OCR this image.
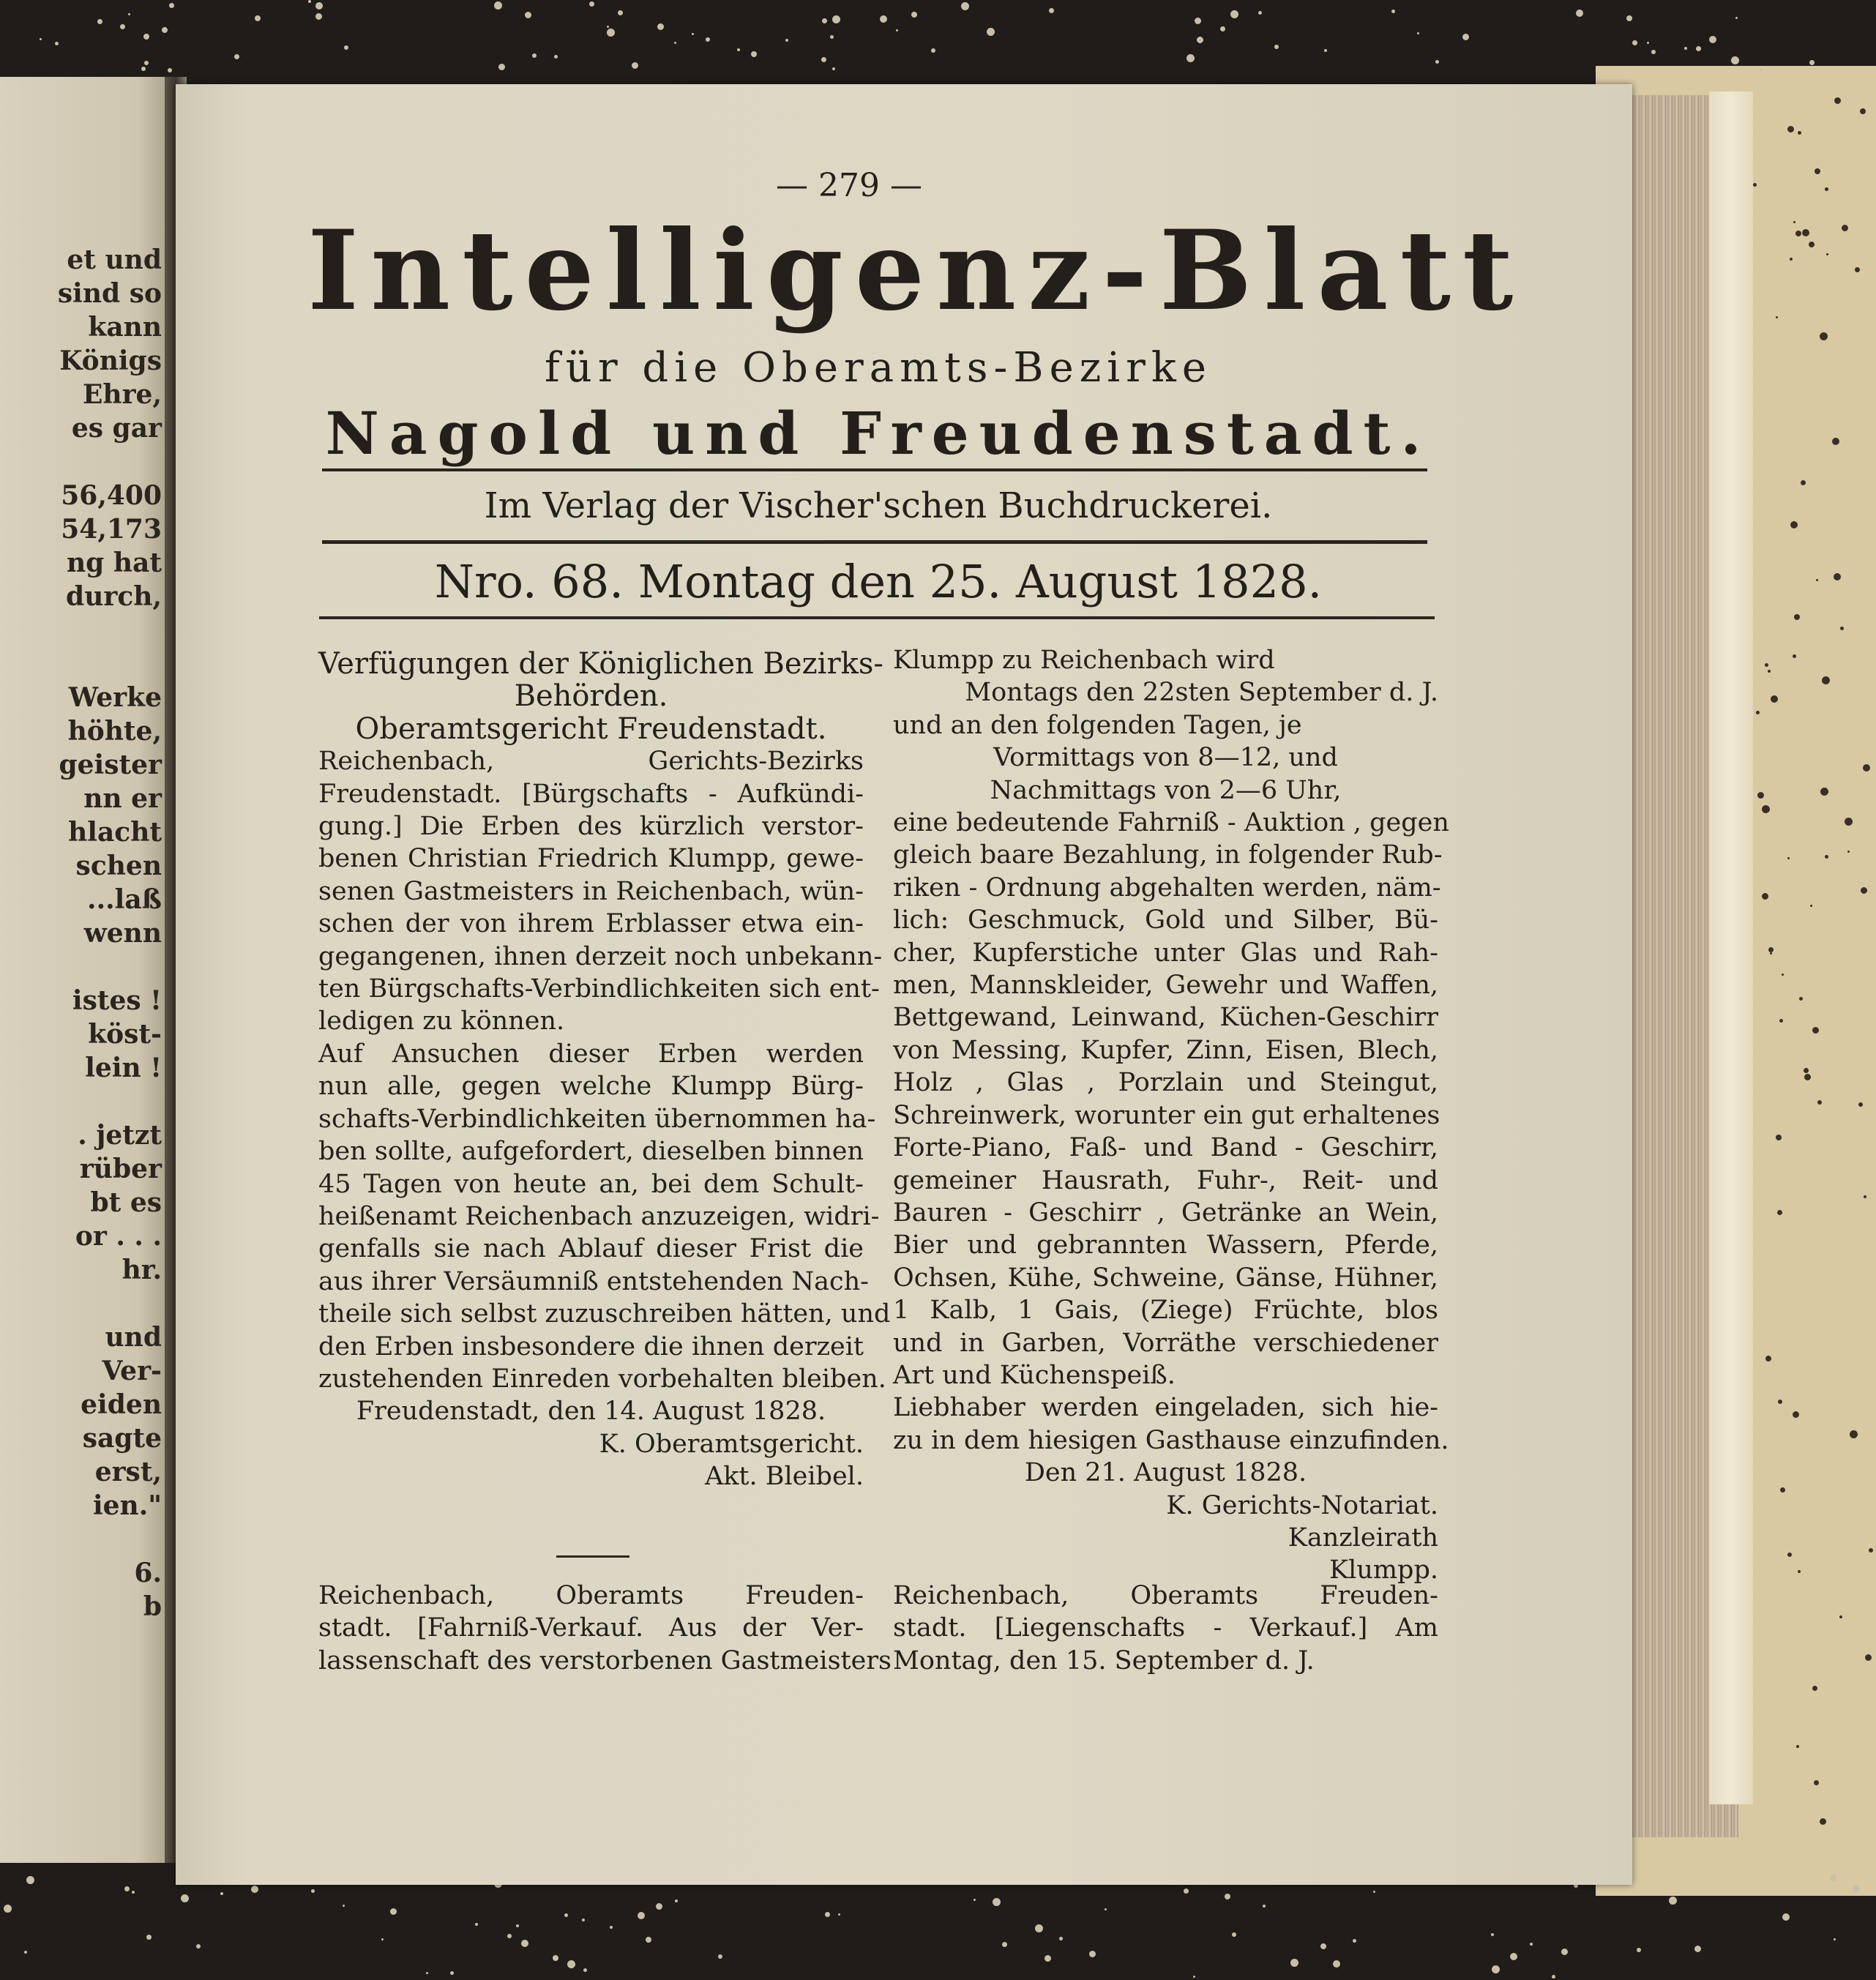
et und
sind so
kann
Königs
Ehre,
es gar
56,400
54,173
ng hat
durch,
Werke
höhte,
geister
nn er
hlacht
schen
...laß
wenn
istes !
köst-
lein !
. jetzt
rüber
bt es
or . . .
hr.
und
Ver-
eiden
sagte
erst,
ien."
6.
b
— 279 —
Intelligenz-Blatt
für die Oberamts-Bezirke
Nagold und Freudenstadt.
Im Verlag der Vischer'schen Buchdruckerei.
Nro. 68. Montag den 25. August 1828.
Verfügungen der Königlichen Bezirks-
Behörden.
Oberamtsgericht Freudenstadt.
Reichenbach, Gerichts-Bezirks
Freudenstadt. [Bürgschafts - Aufkündi-
gung.] Die Erben des kürzlich verstor-
benen Christian Friedrich Klumpp, gewe-
senen Gastmeisters in Reichenbach, wün-
schen der von ihrem Erblasser etwa ein-
gegangenen, ihnen derzeit noch unbekann-
ten Bürgschafts-Verbindlichkeiten sich ent-
ledigen zu können.
Auf Ansuchen dieser Erben werden
nun alle, gegen welche Klumpp Bürg-
schafts-Verbindlichkeiten übernommen ha-
ben sollte, aufgefordert, dieselben binnen
45 Tagen von heute an, bei dem Schult-
heißenamt Reichenbach anzuzeigen, widri-
genfalls sie nach Ablauf dieser Frist die
aus ihrer Versäumniß entstehenden Nach-
theile sich selbst zuzuschreiben hätten, und
den Erben insbesondere die ihnen derzeit
zustehenden Einreden vorbehalten bleiben.
Freudenstadt, den 14. August 1828.
K. Oberamtsgericht.
Akt. Bleibel.
Klumpp zu Reichenbach wird
Montags den 22sten September d. J.
und an den folgenden Tagen, je
Vormittags von 8—12, und
Nachmittags von 2—6 Uhr,
eine bedeutende Fahrniß - Auktion , gegen
gleich baare Bezahlung, in folgender Rub-
riken - Ordnung abgehalten werden, näm-
lich: Geschmuck, Gold und Silber, Bü-
cher, Kupferstiche unter Glas und Rah-
men, Mannskleider, Gewehr und Waffen,
Bettgewand, Leinwand, Küchen-Geschirr
von Messing, Kupfer, Zinn, Eisen, Blech,
Holz , Glas , Porzlain und Steingut,
Schreinwerk, worunter ein gut erhaltenes
Forte-Piano, Faß- und Band - Geschirr,
gemeiner Hausrath, Fuhr-, Reit- und
Bauren - Geschirr , Getränke an Wein,
Bier und gebrannten Wassern, Pferde,
Ochsen, Kühe, Schweine, Gänse, Hühner,
1 Kalb, 1 Gais, (Ziege) Früchte, blos
und in Garben, Vorräthe verschiedener
Art und Küchenspeiß.
Liebhaber werden eingeladen, sich hie-
zu in dem hiesigen Gasthause einzufinden.
Den 21. August 1828.
K. Gerichts-Notariat.
Kanzleirath
Klumpp.
Reichenbach, Oberamts Freuden-
stadt. [Fahrniß-Verkauf. Aus der Ver-
lassenschaft des verstorbenen Gastmeisters
Reichenbach, Oberamts Freuden-
stadt. [Liegenschafts - Verkauf.] Am
Montag, den 15. September d. J.
